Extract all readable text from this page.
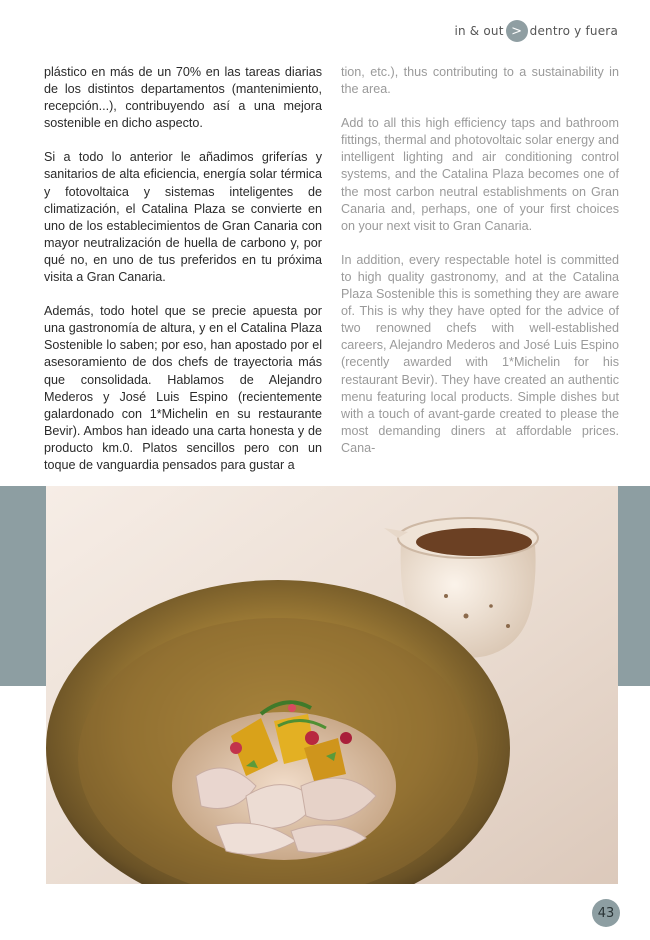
in & out > dentro y fuera

plástico en más de un 70% en las tareas diarias de los distintos departamentos (mantenimiento, recepción...), contribuyendo así a una mejora sostenible en dicho aspecto.

Si a todo lo anterior le añadimos griferías y sanitarios de alta eficiencia, energía solar térmica y fotovoltaica y sistemas inteligentes de climatización, el Catalina Plaza se convierte en uno de los establecimientos de Gran Canaria con mayor neutralización de huella de carbono y, por qué no, en uno de tus preferidos en tu próxima visita a Gran Canaria.

Además, todo hotel que se precie apuesta por una gastronomía de altura, y en el Catalina Plaza Sostenible lo saben; por eso, han apostado por el asesoramiento de dos chefs de trayectoria más que consolidada. Hablamos de Alejandro Mederos y José Luis Espino (recientemente galardonado con 1*Michelin en su restaurante Bevir). Ambos han ideado una carta honesta y de producto km.0. Platos sencillos pero con un toque de vanguardia pensados para gustar a

tion, etc.), thus contributing to a sustainability in the area.

Add to all this high efficiency taps and bathroom fittings, thermal and photovoltaic solar energy and intelligent lighting and air conditioning control systems, and the Catalina Plaza becomes one of the most carbon neutral establishments on Gran Canaria and, perhaps, one of your first choices on your next visit to Gran Canaria.

In addition, every respectable hotel is committed to high quality gastronomy, and at the Catalina Plaza Sostenible this is something they are aware of. This is why they have opted for the advice of two renowned chefs with well-established careers, Alejandro Mederos and José Luis Espino (recently awarded with 1*Michelin for his restaurant Bevir). They have created an authentic menu featuring local products. Simple dishes but with a touch of avant-garde created to please the most demanding diners at affordable prices. Cana-

43
